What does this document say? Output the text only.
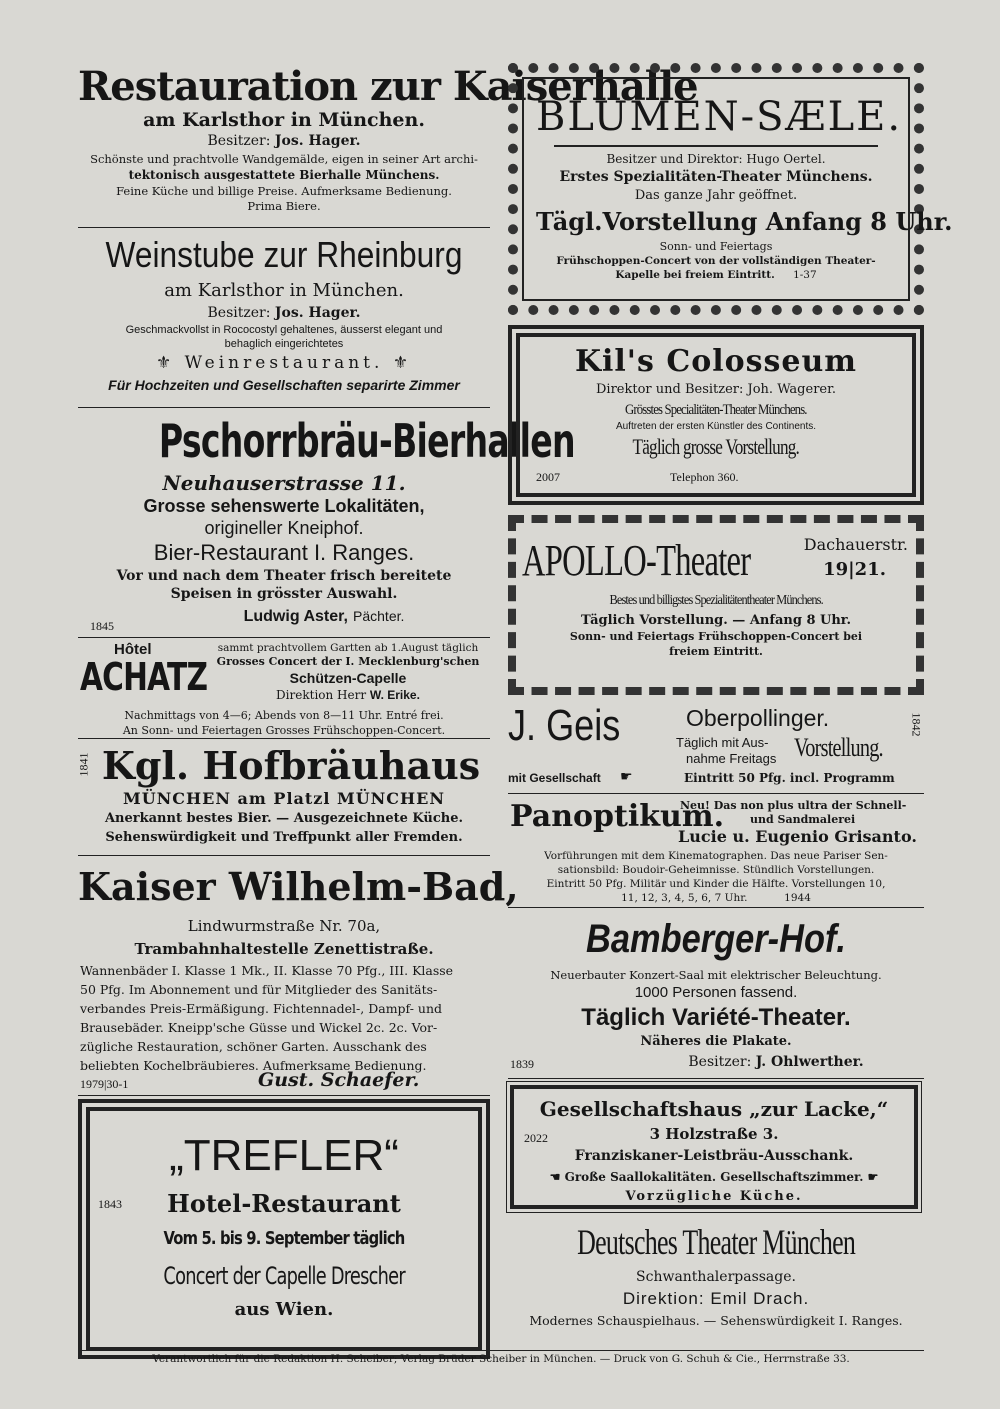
Restauration zur Kaiserhalle
am Karlsthor in München.
Besitzer: Jos. Hager.
Schönste und prachtvolle Wandgemälde, eigen in seiner Art archi-
tektonisch ausgestattete Bierhalle Münchens.
Feine Küche und billige Preise. Aufmerksame Bedienung.
Prima Biere.
Weinstube zur Rheinburg
am Karlsthor in München.
Besitzer: Jos. Hager.
Geschmackvollst in Rococostyl gehaltenes, äusserst elegant und
behaglich eingerichtetes
⚜ Weinrestaurant. ⚜
Für Hochzeiten und Gesellschaften separirte Zimmer
Pschorrbräu-Bierhallen
Neuhauserstrasse 11.
Grosse sehenswerte Lokalitäten,
origineller Kneiphof.
Bier-Restaurant I. Ranges.
Vor und nach dem Theater frisch bereitete
Speisen in grösster Auswahl.
1845
Ludwig Aster, Pächter.
Hôtel
ACHATZ
sammt prachtvollem Gartten ab 1.August täglich
Grosses Concert der I. Mecklenburg'schen
Schützen-Capelle
Direktion Herr W. Erike.
Nachmittags von 4—6; Abends von 8—11 Uhr. Entré frei.
An Sonn- und Feiertagen Grosses Frühschoppen-Concert.
1841 Kgl. Hofbräuhaus
MÜNCHEN am Platzl MÜNCHEN
Anerkannt bestes Bier. — Ausgezeichnete Küche.
Sehenswürdigkeit und Treffpunkt aller Fremden.
Kaiser Wilhelm-Bad,
Lindwurmstraße Nr. 70a,
Trambahnhaltestelle Zenettistraße.
Wannenbäder I. Klasse 1 Mk., II. Klasse 70 Pfg., III. Klasse
50 Pfg. Im Abonnement und für Mitglieder des Sanitäts-
verbandes Preis-Ermäßigung. Fichtennadel-, Dampf- und
Brausebäder. Kneipp'sche Güsse und Wickel 2c. 2c. Vor-
zügliche Restauration, schöner Garten. Ausschank des
beliebten Kochelbräubieres. Aufmerksame Bedienung.
1979|30-1	Gust. Schaefer.
1843
„TREFLER“
Hotel-Restaurant
Vom 5. bis 9. September täglich
Concert der Capelle Drescher
aus Wien.
BLUMEN-SÆLE.
Besitzer und Direktor: Hugo Oertel.
Erstes Spezialitäten-Theater Münchens.
Das ganze Jahr geöffnet.
Tägl.Vorstellung Anfang 8 Uhr.
Sonn- und Feiertags
Frühschoppen-Concert von der vollständigen Theater-
Kapelle bei freiem Eintritt. 1-37
Kil's Colosseum
Direktor und Besitzer: Joh. Wagerer.
Grösstes Specialitäten-Theater Münchens.
Auftreten der ersten Künstler des Continents.
Täglich grosse Vorstellung.
2007	Telephon 360.
APOLLO-Theater	Dachauerstr.
19|21.
Bestes und billigstes Spezialitätentheater Münchens.
Täglich Vorstellung. — Anfang 8 Uhr.
Sonn- und Feiertags Frühschoppen-Concert bei
freiem Eintritt.
J. Geis	Oberpollinger.	1842
Täglich mit Aus-
nahme Freitags Vorstellung.
mit Gesellschaft ☛	Eintritt 50 Pfg. incl. Programm
Panoptikum.
Neu! Das non plus ultra der Schnell-
und Sandmalerei
Lucie u. Eugenio Grisanto.
Vorführungen mit dem Kinematographen. Das neue Pariser Sen-
sationsbild: Boudoir-Geheimnisse. Stündlich Vorstellungen.
Eintritt 50 Pfg. Militär und Kinder die Hälfte. Vorstellungen 10,
11, 12, 3, 4, 5, 6, 7 Uhr.	1944
Bamberger-Hof.
Neuerbauter Konzert-Saal mit elektrischer Beleuchtung.
1000 Personen fassend.
Täglich Variété-Theater.
Näheres die Plakate.
1839	Besitzer: J. Ohlwerther.
Gesellschaftshaus „zur Lacke,“
2022	3 Holzstraße 3.
Franziskaner-Leistbräu-Ausschank.
☚ Große Saallokalitäten. Gesellschaftszimmer. ☛
Vorzügliche Küche.
Deutsches Theater München
Schwanthalerpassage.
Direktion: Emil Drach.
Modernes Schauspielhaus. — Sehenswürdigkeit I. Ranges.
Verantwortlich für die Redaktion H. Scheiber; Verlag Brüder Scheiber in München. — Druck von G. Schuh & Cie., Herrnstraße 33.
